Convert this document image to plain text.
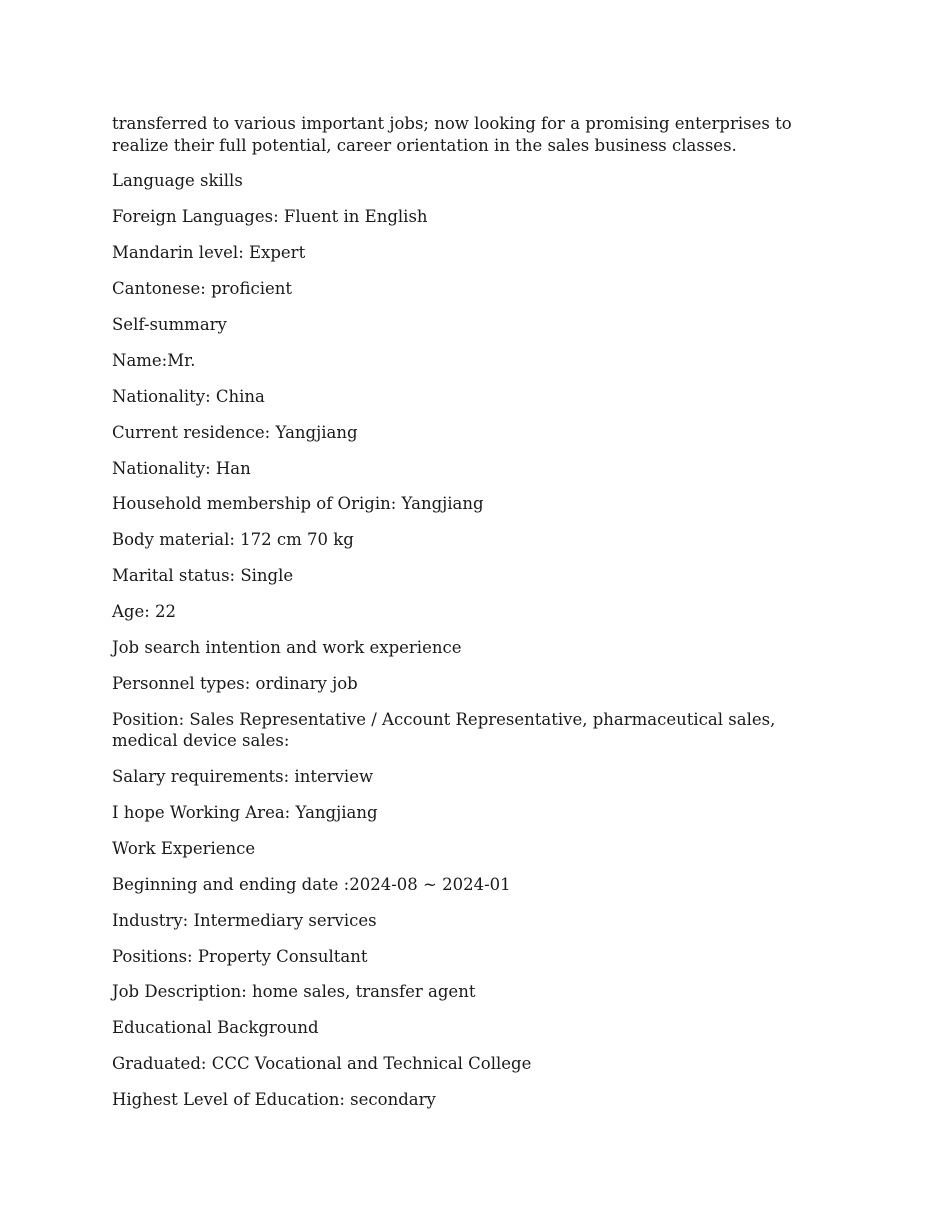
transferred to various important jobs; now looking for a promising enterprises to realize their full potential, career orientation in the sales business classes.

Language skills

Foreign Languages: Fluent in English

Mandarin level: Expert

Cantonese: proficient

Self-summary

Name:Mr.

Nationality: China

Current residence: Yangjiang

Nationality: Han

Household membership of Origin: Yangjiang

Body material: 172 cm 70 kg

Marital status: Single

Age: 22

Job search intention and work experience

Personnel types: ordinary job

Position: Sales Representative / Account Representative, pharmaceutical sales, medical device sales:

Salary requirements: interview

I hope Working Area: Yangjiang

Work Experience

Beginning and ending date :2024-08 ~ 2024-01

Industry: Intermediary services

Positions: Property Consultant

Job Description: home sales, transfer agent

Educational Background

Graduated: CCC Vocational and Technical College

Highest Level of Education: secondary
